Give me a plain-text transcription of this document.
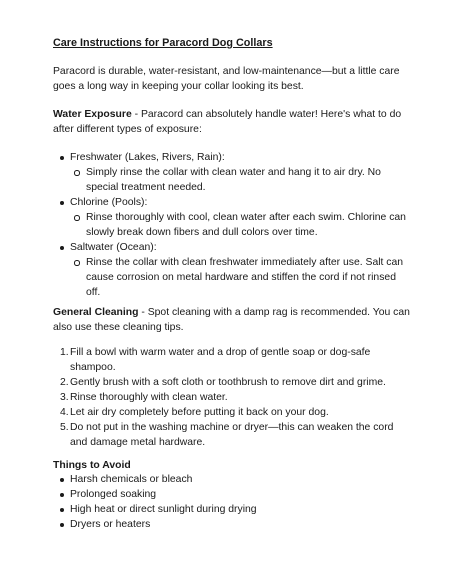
Care Instructions for Paracord Dog Collars
Paracord is durable, water-resistant, and low-maintenance—but a little care goes a long way in keeping your collar looking its best.
Water Exposure - Paracord can absolutely handle water! Here's what to do after different types of exposure:
Freshwater (Lakes, Rivers, Rain):
Simply rinse the collar with clean water and hang it to air dry. No special treatment needed.
Chlorine (Pools):
Rinse thoroughly with cool, clean water after each swim. Chlorine can slowly break down fibers and dull colors over time.
Saltwater (Ocean):
Rinse the collar with clean freshwater immediately after use. Salt can cause corrosion on metal hardware and stiffen the cord if not rinsed off.
General Cleaning - Spot cleaning with a damp rag is recommended. You can also use these cleaning tips.
1. Fill a bowl with warm water and a drop of gentle soap or dog-safe shampoo.
2. Gently brush with a soft cloth or toothbrush to remove dirt and grime.
3. Rinse thoroughly with clean water.
4. Let air dry completely before putting it back on your dog.
5. Do not put in the washing machine or dryer—this can weaken the cord and damage metal hardware.
Things to Avoid
Harsh chemicals or bleach
Prolonged soaking
High heat or direct sunlight during drying
Dryers or heaters
